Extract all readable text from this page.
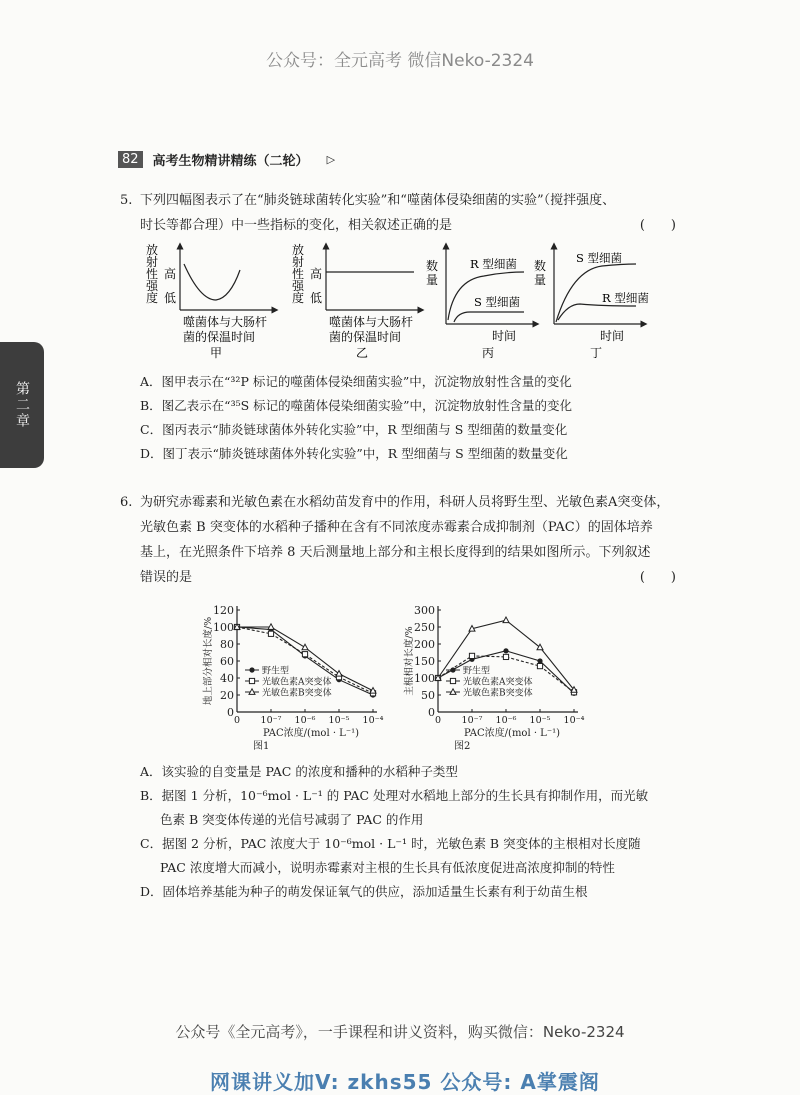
公众号：全元高考 微信Neko-2324
82	高考生物精讲精练（二轮） ▷
第二章
5. 下列四幅图表示了在“肺炎链球菌转化实验”和“噬菌体侵染细菌的实验”（搅拌强度、
时长等都合理）中一些指标的变化，相关叙述正确的是	(　　)
放
射
性
强
度
高
低
噬菌体与大肠杆
菌的保温时间
甲
放
射
性
强
度
高
低
噬菌体与大肠杆
菌的保温时间
乙
数
量
R 型细菌
S 型细菌
时间
丙
数
量
S 型细菌
R 型细菌
时间
丁
A．图甲表示在“³²P 标记的噬菌体侵染细菌实验”中，沉淀物放射性含量的变化
B．图乙表示在“³⁵S 标记的噬菌体侵染细菌实验”中，沉淀物放射性含量的变化
C．图丙表示“肺炎链球菌体外转化实验”中，R 型细菌与 S 型细菌的数量变化
D．图丁表示“肺炎链球菌体外转化实验”中，R 型细菌与 S 型细菌的数量变化
6. 为研究赤霉素和光敏色素在水稻幼苗发育中的作用，科研人员将野生型、光敏色素A突变体，
光敏色素 B 突变体的水稻种子播种在含有不同浓度赤霉素合成抑制剂（PAC）的固体培养
基上，在光照条件下培养 8 天后测量地上部分和主根长度得到的结果如图所示。下列叙述
错误的是	(　　)
0
20
40
60
80
100
120
0 10⁻⁷ 10⁻⁶ 10⁻⁵ 10⁻⁴
地上部分相对长度/%
PAC浓度/(mol · L⁻¹)
图1
野生型
光敏色素A突变体
光敏色素B突变体
0
50
100
150
200
250
300
0 10⁻⁷ 10⁻⁶ 10⁻⁵ 10⁻⁴
主根相对长度/%
PAC浓度/(mol · L⁻¹)
图2
野生型
光敏色素A突变体
光敏色素B突变体
A．该实验的自变量是 PAC 的浓度和播种的水稻种子类型
B．据图 1 分析，10⁻⁶mol · L⁻¹ 的 PAC 处理对水稻地上部分的生长具有抑制作用，而光敏
色素 B 突变体传递的光信号减弱了 PAC 的作用
C．据图 2 分析，PAC 浓度大于 10⁻⁶mol · L⁻¹ 时，光敏色素 B 突变体的主根相对长度随
PAC 浓度增大而减小，说明赤霉素对主根的生长具有低浓度促进高浓度抑制的特性
D．固体培养基能为种子的萌发保证氧气的供应，添加适量生长素有利于幼苗生根
公众号《全元高考》，一手课程和讲义资料，购买微信：Neko-2324
网课讲义加V: zkhs55 公众号: A掌震阁
